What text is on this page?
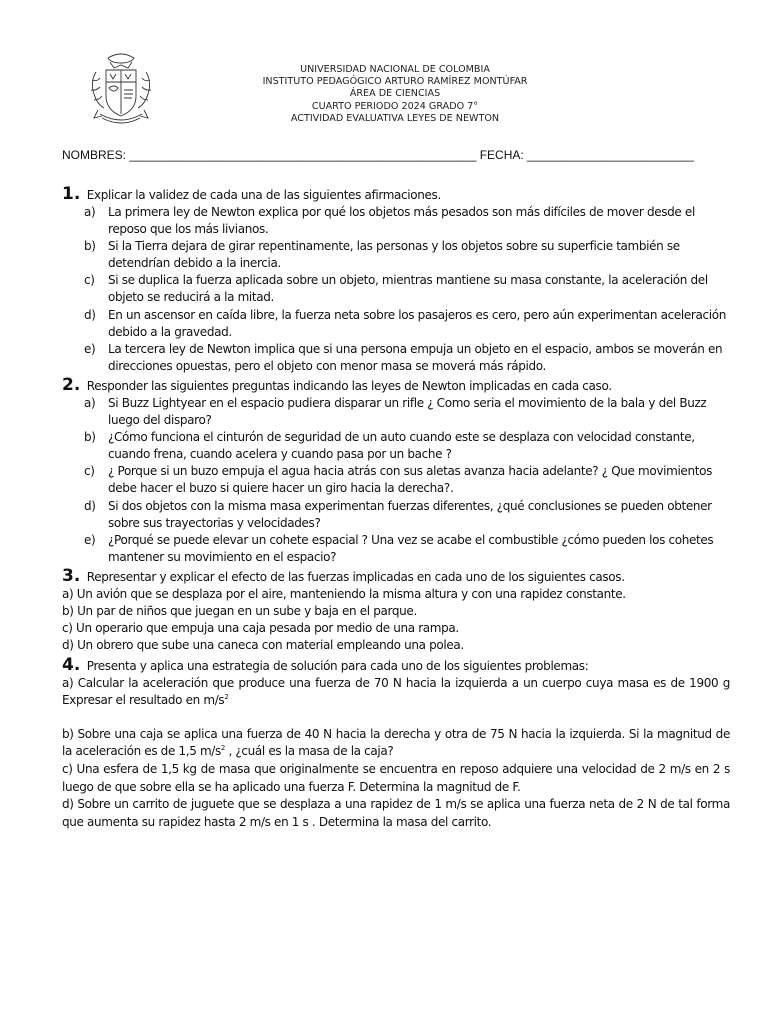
UNIVERSIDAD NACIONAL DE COLOMBIA
INSTITUTO PEDAGÓGICO ARTURO RAMÍREZ MONTÚFAR
ÁREA DE CIENCIAS
CUARTO PERIODO 2024 GRADO 7°
ACTIVIDAD EVALUATIVA LEYES DE NEWTON
NOMBRES: ____________________________________________________ FECHA: _________________________

1. Explicar la validez de cada una de las siguientes afirmaciones.

a) La primera ley de Newton explica por qué los objetos más pesados son más difíciles de mover desde el reposo que los más livianos.
b) Si la Tierra dejara de girar repentinamente, las personas y los objetos sobre su superficie también se detendrían debido a la inercia.
c) Si se duplica la fuerza aplicada sobre un objeto, mientras mantiene su masa constante, la aceleración del objeto se reducirá a la mitad.
d) En un ascensor en caída libre, la fuerza neta sobre los pasajeros es cero, pero aún experimentan aceleración debido a la gravedad.
e) La tercera ley de Newton implica que si una persona empuja un objeto en el espacio, ambos se moverán en direcciones opuestas, pero el objeto con menor masa se moverá más rápido.

2. Responder las siguientes preguntas indicando las leyes de Newton implicadas en cada caso.

a) Si Buzz Lightyear en el espacio pudiera disparar un rifle ¿ Como seria el movimiento de la bala y del Buzz luego del disparo?
b) ¿Cómo funciona el cinturón de seguridad de un auto cuando este se desplaza con velocidad constante, cuando frena, cuando acelera y cuando pasa por un bache ?
c) ¿ Porque si un buzo empuja el agua hacia atrás con sus aletas avanza hacia adelante? ¿ Que movimientos debe hacer el buzo si quiere hacer un giro hacia la derecha?.
d) Si dos objetos con la misma masa experimentan fuerzas diferentes, ¿qué conclusiones se pueden obtener sobre sus trayectorias y velocidades?
e) ¿Porqué se puede elevar un cohete espacial ? Una vez se acabe el combustible ¿cómo pueden los cohetes mantener su movimiento en el espacio?

3. Representar y explicar el efecto de las fuerzas implicadas en cada uno de los siguientes casos.

a) Un avión que se desplaza por el aire, manteniendo la misma altura y con una rapidez constante.

b) Un par de niños que juegan en un sube y baja en el parque.

c) Un operario que empuja una caja pesada por medio de una rampa.

d) Un obrero que sube una caneca con material empleando una polea.

4. Presenta y aplica una estrategia de solución para cada uno de los siguientes problemas:

a) Calcular la aceleración que produce una fuerza de 70 N hacia la izquierda a un cuerpo cuya masa es de 1900 g Expresar el resultado en $m/s^2$

b) Sobre una caja se aplica una fuerza de 40 N hacia la derecha y otra de 75 N hacia la izquierda. Si la magnitud de la aceleración es de 1,5 $m/s^2$ , ¿cuál es la masa de la caja?

c) Una esfera de 1,5 kg de masa que originalmente se encuentra en reposo adquiere una velocidad de 2 m/s en 2 s luego de que sobre ella se ha aplicado una fuerza F. Determina la magnitud de F.

d) Sobre un carrito de juguete que se desplaza a una rapidez de 1 m/s se aplica una fuerza neta de 2 N de tal forma que aumenta su rapidez hasta 2 m/s en 1 s . Determina la masa del carrito.
